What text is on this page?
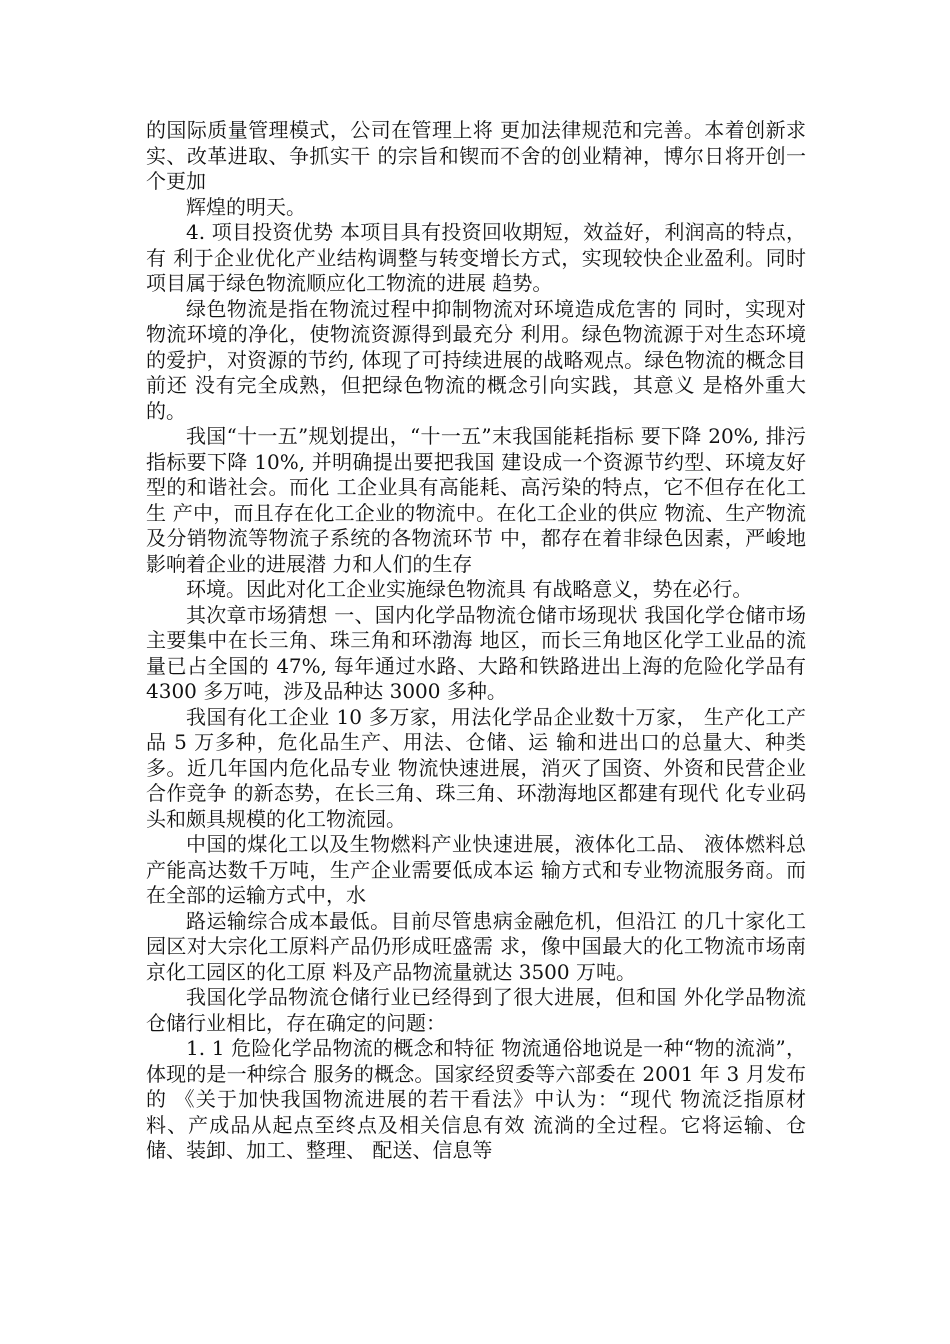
的国际质量管理模式，公司在管理上将 更加法律规范和完善。本着创新求实、改革进取、争抓实干 的宗旨和锲而不舍的创业精神，博尔日将开创一个更加

辉煌的明天。

4. 项目投资优势 本项目具有投资回收期短，效益好，利润高的特点，有 利于企业优化产业结构调整与转变增长方式，实现较快企业盈利。同时项目属于绿色物流顺应化工物流的进展 趋势。

绿色物流是指在物流过程中抑制物流对环境造成危害的 同时，实现对物流环境的净化，使物流资源得到最充分 利用。绿色物流源于对生态环境的爱护，对资源的节约, 体现了可持续进展的战略观点。绿色物流的概念目前还 没有完全成熟，但把绿色物流的概念引向实践，其意义 是格外重大的。

我国“十一五”规划提出，“十一五”末我国能耗指标 要下降 20%, 排污指标要下降 10%, 并明确提出要把我国 建设成一个资源节约型、环境友好型的和谐社会。而化 工企业具有高能耗、高污染的特点，它不但存在化工生 产中，而且存在化工企业的物流中。在化工企业的供应 物流、生产物流及分销物流等物流子系统的各物流环节 中，都存在着非绿色因素，严峻地影响着企业的进展潜 力和人们的生存

环境。因此对化工企业实施绿色物流具 有战略意义，势在必行。

其次章市场猜想 一、国内化学品物流仓储市场现状 我国化学仓储市场主要集中在长三角、珠三角和环渤海 地区，而长三角地区化学工业品的流量已占全国的 47%, 每年通过水路、大路和铁路进出上海的危险化学品有 4300 多万吨，涉及品种达 3000 多种。

我国有化工企业 10 多万家，用法化学品企业数十万家， 生产化工产品 5 万多种，危化品生产、用法、仓储、运 输和进出口的总量大、种类多。近几年国内危化品专业 物流快速进展，消灭了国资、外资和民营企业合作竞争 的新态势，在长三角、珠三角、环渤海地区都建有现代 化专业码头和颇具规模的化工物流园。

中国的煤化工以及生物燃料产业快速进展，液体化工品、 液体燃料总产能高达数千万吨，生产企业需要低成本运 输方式和专业物流服务商。而在全部的运输方式中，水

路运输综合成本最低。目前尽管患病金融危机，但沿江 的几十家化工园区对大宗化工原料产品仍形成旺盛需 求，像中国最大的化工物流市场南京化工园区的化工原 料及产品物流量就达 3500 万吨。

我国化学品物流仓储行业已经得到了很大进展，但和国 外化学品物流仓储行业相比，存在确定的问题：

1. 1 危险化学品物流的概念和特征 物流通俗地说是一种“物的流淌”，体现的是一种综合 服务的概念。国家经贸委等六部委在 2001 年 3 月发布的 《关于加快我国物流进展的若干看法》中认为：“现代 物流泛指原材料、产成品从起点至终点及相关信息有效 流淌的全过程。它将运输、仓储、装卸、加工、整理、 配送、信息等
